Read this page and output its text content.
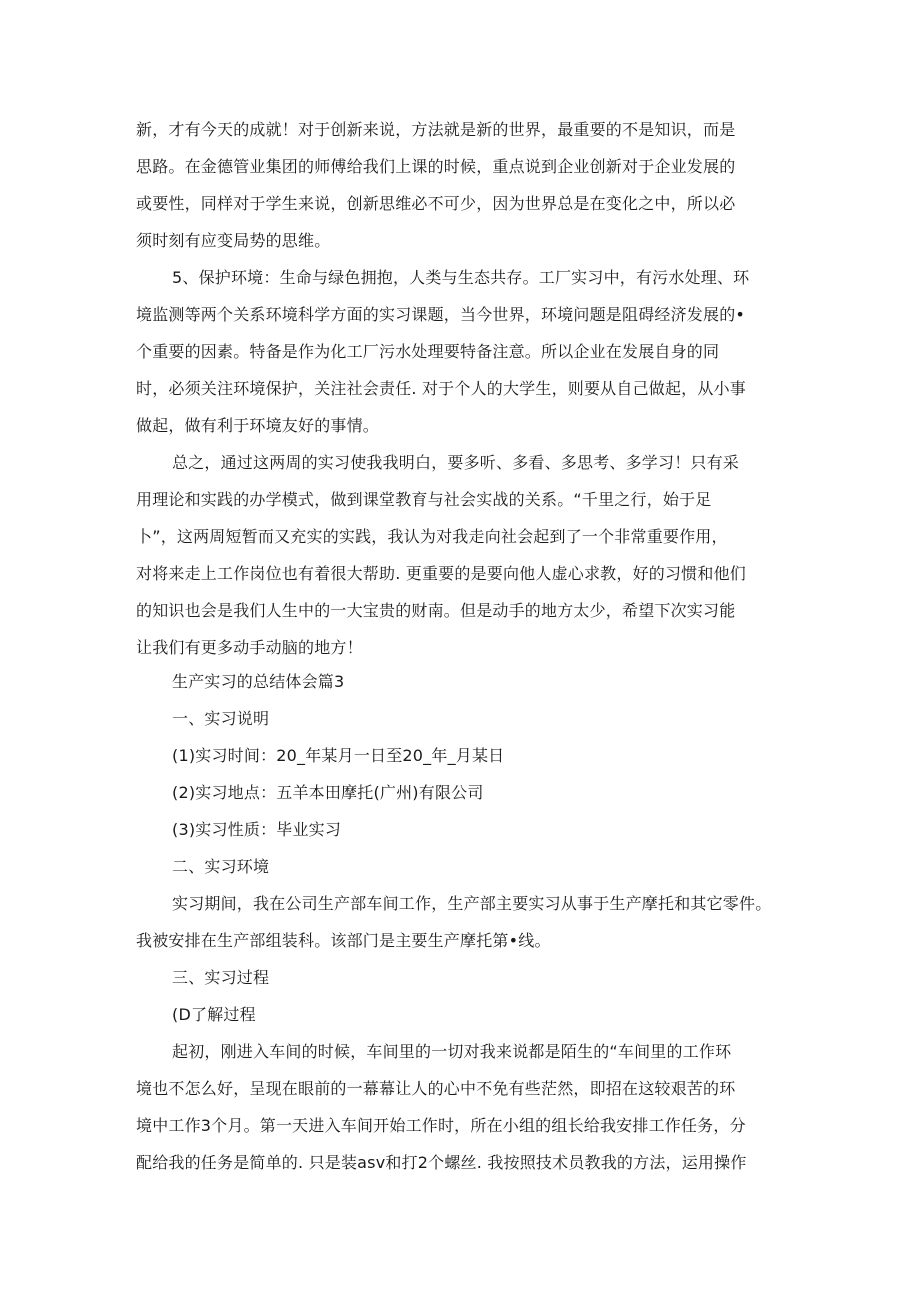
新，才有今天的成就！对于创新来说，方法就是新的世界，最重要的不是知识，而是
思路。在金德管业集团的师傅给我们上课的时候，重点说到企业创新对于企业发展的
或要性，同样对于学生来说，创新思维必不可少，因为世界总是在变化之中，所以必
须时刻有应变局势的思维。
5、保护环境：生命与绿色拥抱，人类与生态共存。工厂实习中，有污水处理、环
境监测等两个关系环境科学方面的实习课题，当今世界，环境问题是阻碍经济发展的•
个重要的因素。特备是作为化工厂污水处理要特备注意。所以企业在发展自身的同
时，必须关注环境保护，关注社会责任. 对于个人的大学生，则要从自己做起，从小事
做起，做有利于环境友好的事情。
总之，通过这两周的实习使我我明白，要多听、多看、多思考、多学习！只有采
用理论和实践的办学模式，做到课堂教育与社会实战的关系。“千里之行，始于足
卜”，这两周短暂而又充实的实践，我认为对我走向社会起到了一个非常重要作用，
对将来走上工作岗位也有着很大帮助. 更重要的是要向他人虚心求教，好的习惯和他们
的知识也会是我们人生中的一大宝贵的财南。但是动手的地方太少，希望下次实习能
让我们有更多动手动脑的地方！
生产实习的总结体会篇3
一、实习说明
(1)实习时间：20_年某月一日至20_年_月某日
(2)实习地点：五羊本田摩托(广州)有限公司
(3)实习性质：毕业实习
二、实习环境
实习期间，我在公司生产部车间工作，生产部主要实习从事于生产摩托和其它零件。
我被安排在生产部组装科。该部门是主要生产摩托第•线。
三、实习过程
(D了解过程
起初，刚进入车间的时候，车间里的一切对我来说都是陌生的“车间里的工作环
境也不怎么好，呈现在眼前的一幕幕让人的心中不免有些茫然，即招在这较艰苦的环
境中工作3个月。第一天进入车间开始工作时，所在小组的组长给我安排工作任务，分
配给我的任务是简单的. 只是装asv和打2个螺丝. 我按照技术员教我的方法，运用操作
